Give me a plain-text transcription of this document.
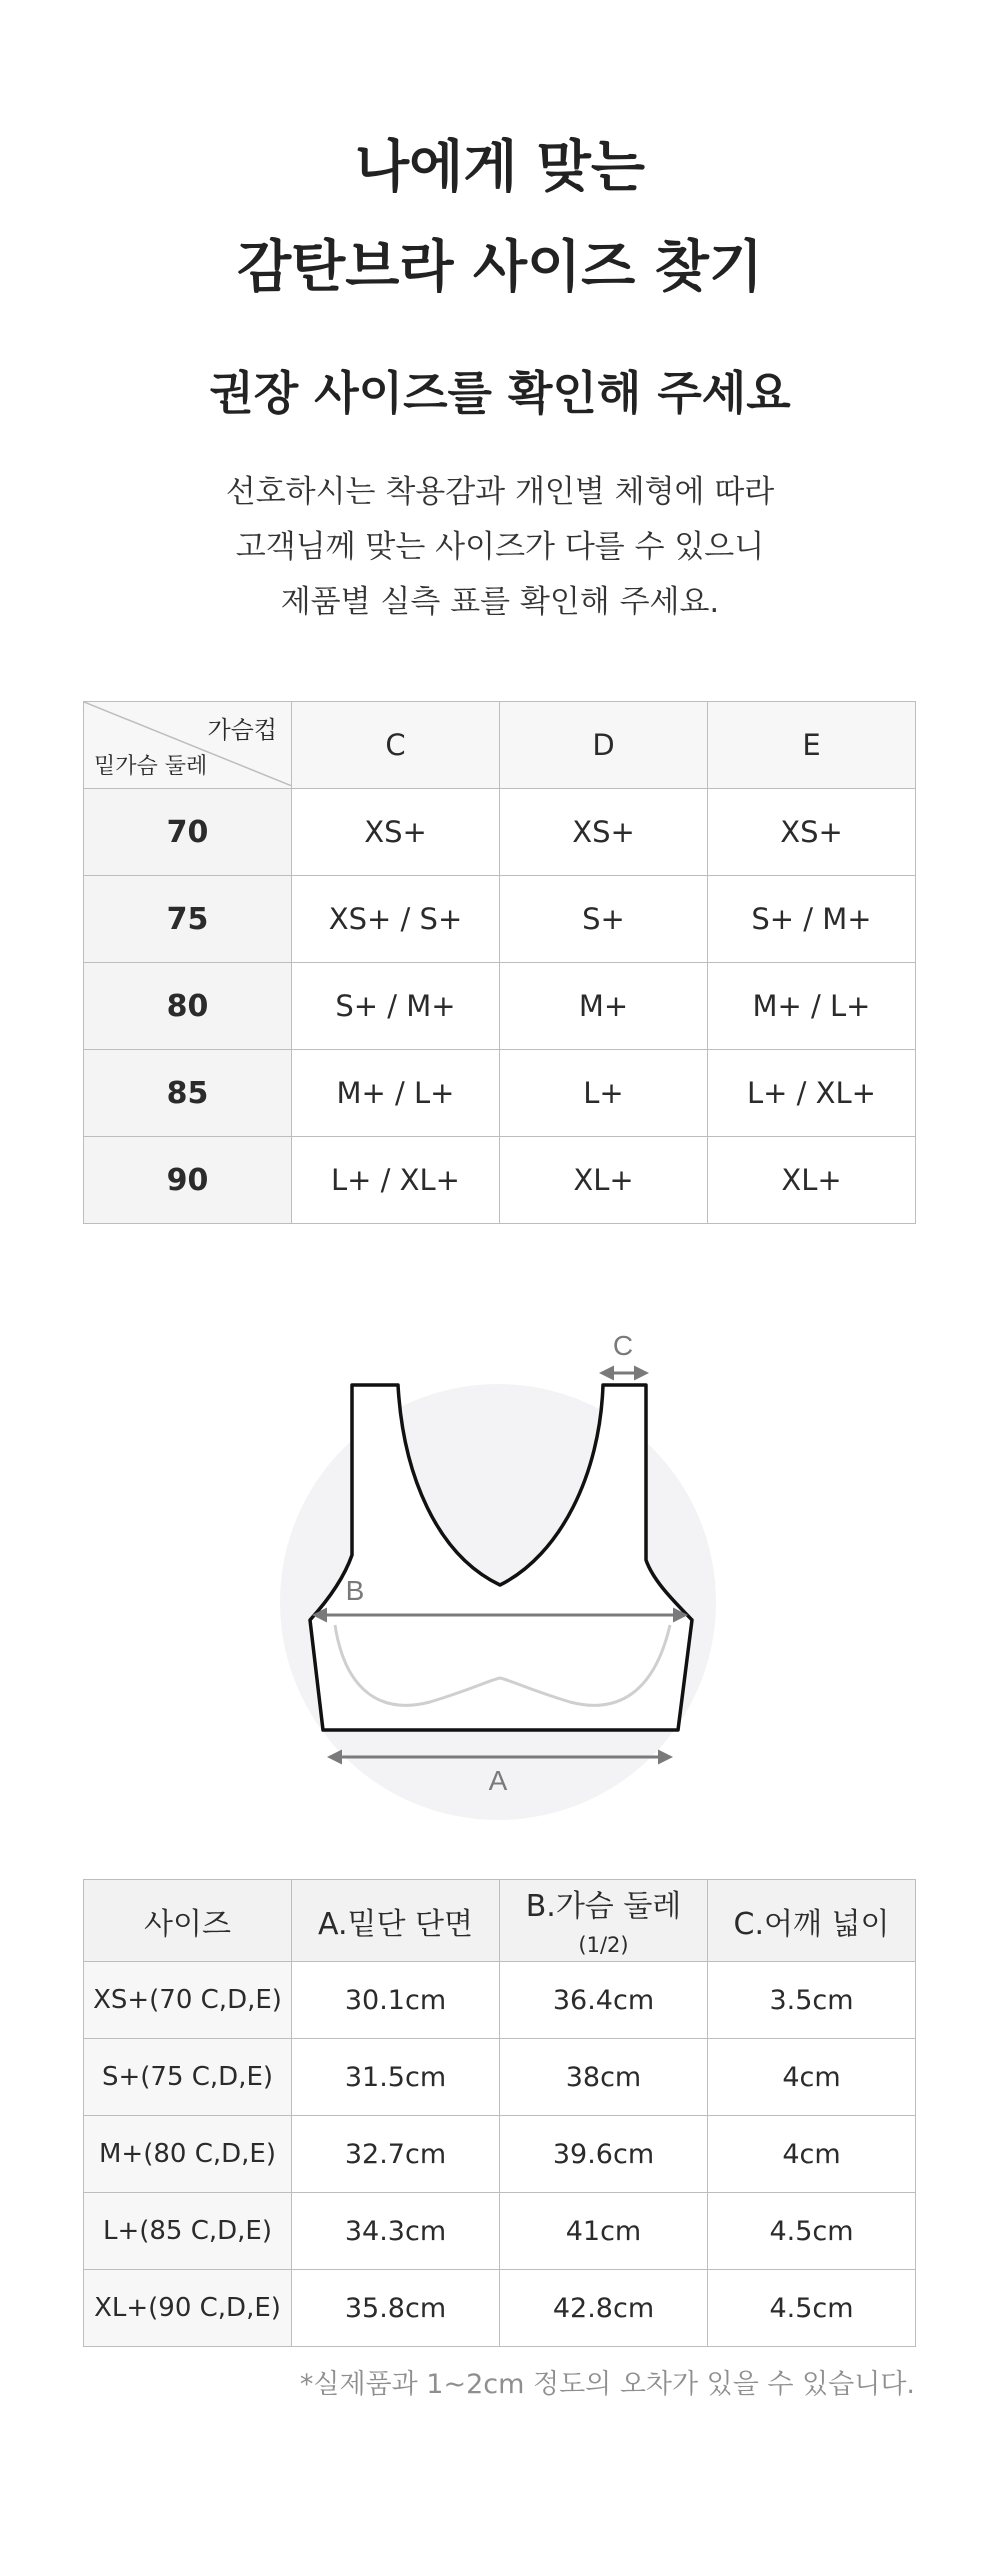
나에게 맞는
감탄브라 사이즈 찾기
권장 사이즈를 확인해 주세요
선호하시는 착용감과 개인별 체형에 따라
고객님께 맞는 사이즈가 다를 수 있으니
제품별 실측 표를 확인해 주세요.
가슴컵
밑가슴 둘레	C	D	E
70	XS+	XS+	XS+
75	XS+ / S+	S+	S+ / M+
80	S+ / M+	M+	M+ / L+
85	M+ / L+	L+	L+ / XL+
90	L+ / XL+	XL+	XL+
C
B
A
사이즈	A.밑단 단면	B.가슴 둘레 (1/2)	C.어깨 넓이
XS+(70 C,D,E)	30.1cm	36.4cm	3.5cm
S+(75 C,D,E)	31.5cm	38cm	4cm
M+(80 C,D,E)	32.7cm	39.6cm	4cm
L+(85 C,D,E)	34.3cm	41cm	4.5cm
XL+(90 C,D,E)	35.8cm	42.8cm	4.5cm
*실제품과 1~2cm 정도의 오차가 있을 수 있습니다.
